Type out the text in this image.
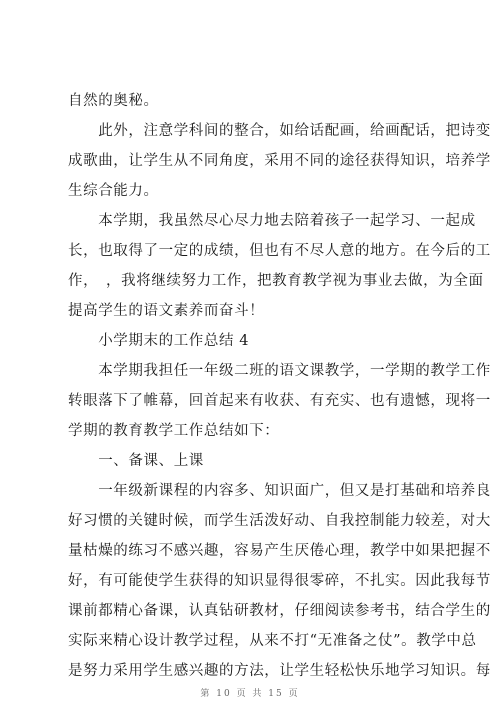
自然的奥秘。
　　此外，注意学科间的整合，如给话配画，给画配话，把诗变
成歌曲，让学生从不同角度，采用不同的途径获得知识，培养学
生综合能力。
　　本学期，我虽然尽心尽力地去陪着孩子一起学习、一起成
长，也取得了一定的成绩，但也有不尽人意的地方。在今后的工
作，　，我将继续努力工作，把教育教学视为事业去做，为全面
提高学生的语文素养而奋斗！
　　小学期末的工作总结 4
　　本学期我担任一年级二班的语文课教学，一学期的教学工作
转眼落下了帷幕，回首起来有收获、有充实、也有遗憾，现将一
学期的教育教学工作总结如下：
　　一、备课、上课
　　一年级新课程的内容多、知识面广，但又是打基础和培养良
好习惯的关键时候，而学生活泼好动、自我控制能力较差，对大
量枯燥的练习不感兴趣，容易产生厌倦心理，教学中如果把握不
好，有可能使学生获得的知识显得很零碎，不扎实。因此我每节
课前都精心备课，认真钻研教材，仔细阅读参考书，结合学生的
实际来精心设计教学过程，从来不打“无准备之仗”。教学中总
是努力采用学生感兴趣的方法，让学生轻松快乐地学习知识。每
第 10 页 共 15 页
